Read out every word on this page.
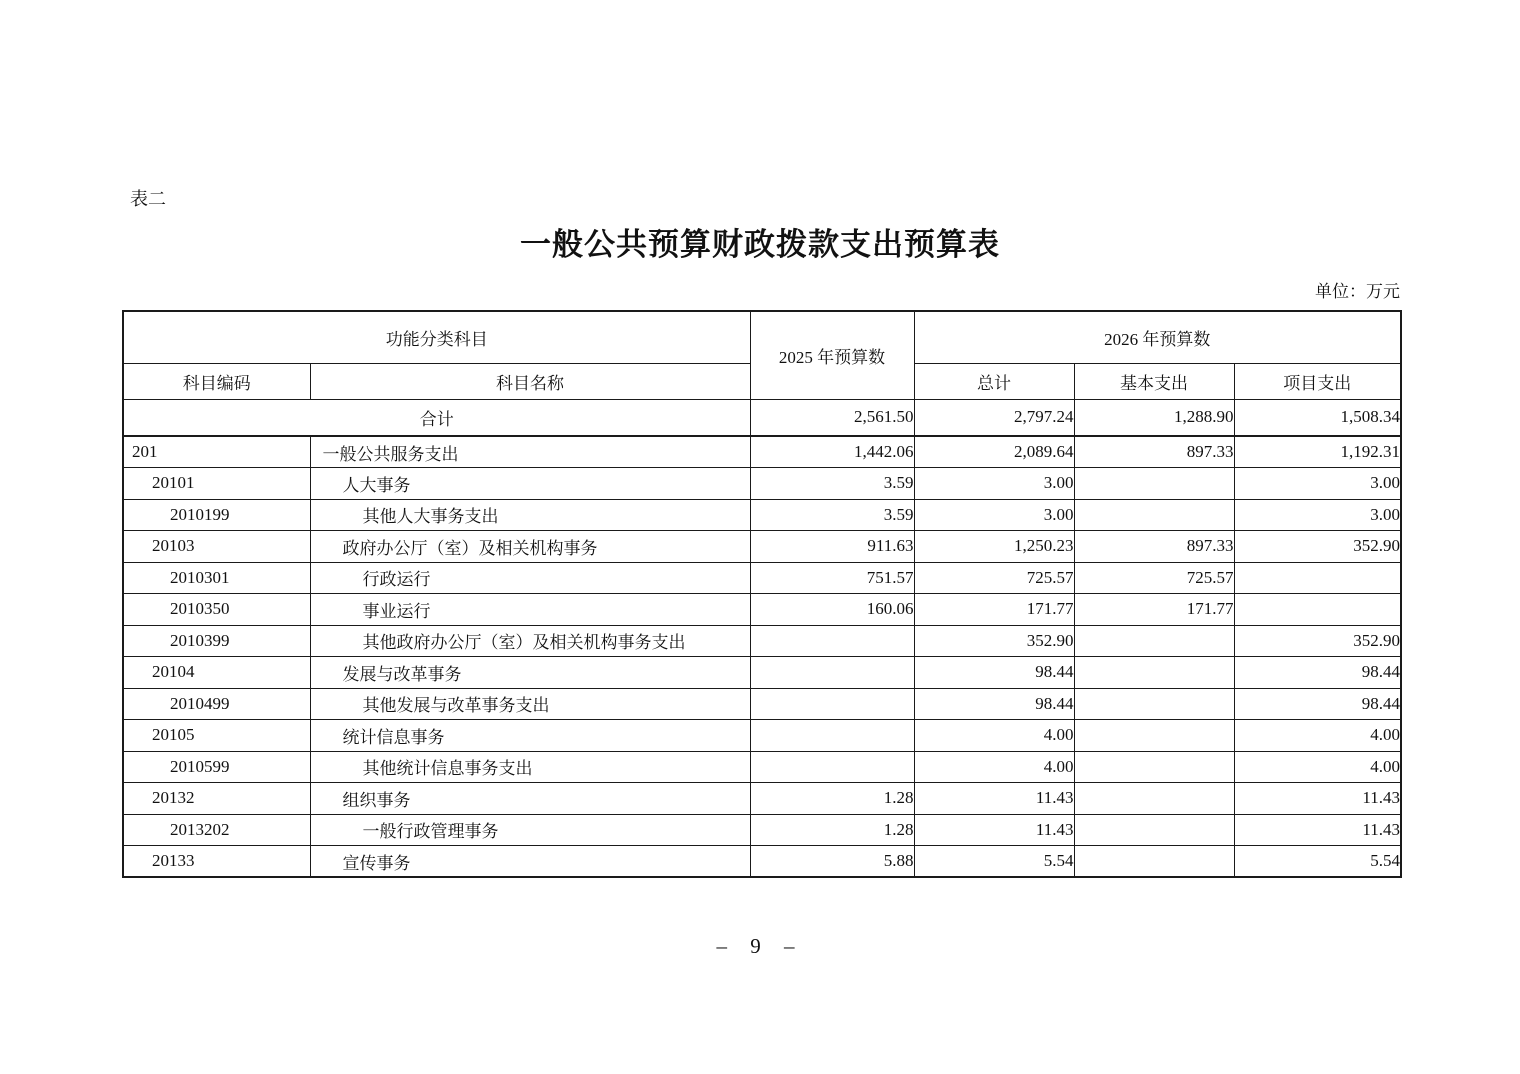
表二
一般公共预算财政拨款支出预算表
单位：万元
功能分类科目		2025 年预算数	2026 年预算数		
科目编码	科目名称		总计	基本支出	项目支出
合计		2,561.50	2,797.24	1,288.90	1,508.34
201	一般公共服务支出	1,442.06	2,089.64	897.33	1,192.31
20101	人大事务	3.59	3.00		3.00
2010199	其他人大事务支出	3.59	3.00		3.00
20103	政府办公厅（室）及相关机构事务	911.63	1,250.23	897.33	352.90
2010301	行政运行	751.57	725.57	725.57	
2010350	事业运行	160.06	171.77	171.77	
2010399	其他政府办公厅（室）及相关机构事务支出		352.90		352.90
20104	发展与改革事务		98.44		98.44
2010499	其他发展与改革事务支出		98.44		98.44
20105	统计信息事务		4.00		4.00
2010599	其他统计信息事务支出		4.00		4.00
20132	组织事务	1.28	11.43		11.43
2013202	一般行政管理事务	1.28	11.43		11.43
20133	宣传事务	5.88	5.54		5.54
– 9 –
